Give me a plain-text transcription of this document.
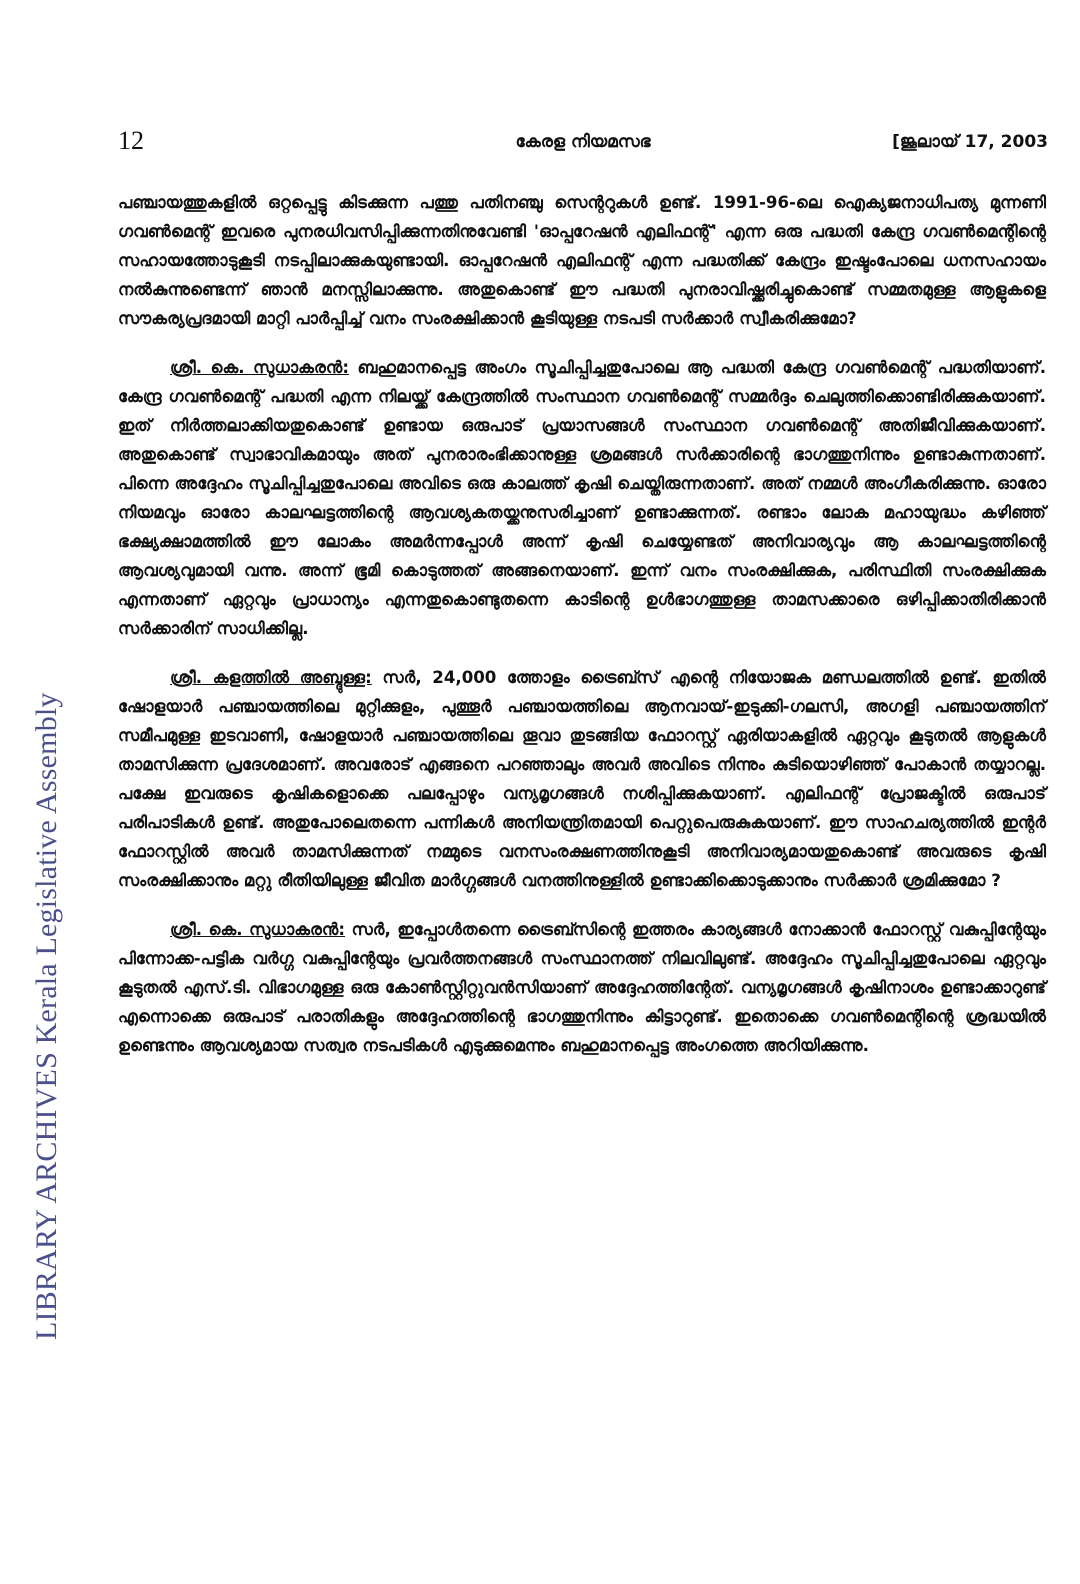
LIBRARY ARCHIVES Kerala Legislative Assembly
12	കേരള നിയമസഭ	[ജൂലായ് 17, 2003

പഞ്ചായത്തുകളിൽ ഒറ്റപ്പെട്ടു കിടക്കുന്ന പത്തു പതിനഞ്ചു സെന്ററുകൾ ഉണ്ട്. 1991-96-ലെ ഐക്യജനാധിപത്യ മുന്നണി ഗവൺമെന്റ് ഇവരെ പുനരധിവസിപ്പിക്കുന്നതിനുവേണ്ടി 'ഓപ്പറേഷൻ എലിഫന്റ്' എന്ന ഒരു പദ്ധതി കേന്ദ്ര ഗവൺമെന്റിന്റെ സഹായത്തോടുകൂടി നടപ്പിലാക്കുകയുണ്ടായി. ഓപ്പറേഷൻ എലിഫന്റ് എന്ന പദ്ധതിക്ക് കേന്ദ്രം ഇഷ്ടംപോലെ ധനസഹായം നൽകുന്നുണ്ടെന്ന് ഞാൻ മനസ്സിലാക്കുന്നു. അതുകൊണ്ട് ഈ പദ്ധതി പുനരാവിഷ്ക്കരിച്ചുകൊണ്ട് സമ്മതമുള്ള ആളുകളെ സൗകര്യപ്രദമായി മാറ്റി പാർപ്പിച്ച് വനം സംരക്ഷിക്കാൻ കൂടിയുള്ള നടപടി സർക്കാർ സ്വീകരിക്കുമോ?

ശ്രീ. കെ. സുധാകരൻ: ബഹുമാനപ്പെട്ട അംഗം സൂചിപ്പിച്ചതുപോലെ ആ പദ്ധതി കേന്ദ്ര ഗവൺമെന്റ് പദ്ധതിയാണ്. കേന്ദ്ര ഗവൺമെന്റ് പദ്ധതി എന്ന നിലയ്ക്ക് കേന്ദ്രത്തിൽ സംസ്ഥാന ഗവൺമെന്റ് സമ്മർദ്ദം ചെലുത്തിക്കൊണ്ടിരിക്കുകയാണ്. ഇത് നിർത്തലാക്കിയതുകൊണ്ട് ഉണ്ടായ ഒരുപാട് പ്രയാസങ്ങൾ സംസ്ഥാന ഗവൺമെന്റ് അതിജീവിക്കുകയാണ്. അതുകൊണ്ട് സ്വാഭാവികമായും അത് പുനരാരംഭിക്കാനുള്ള ശ്രമങ്ങൾ സർക്കാരിന്റെ ഭാഗത്തുനിന്നും ഉണ്ടാകുന്നതാണ്. പിന്നെ അദ്ദേഹം സൂചിപ്പിച്ചതുപോലെ അവിടെ ഒരു കാലത്ത് കൃഷി ചെയ്തിരുന്നതാണ്. അത് നമ്മൾ അംഗീകരിക്കുന്നു. ഓരോ നിയമവും ഓരോ കാലഘട്ടത്തിന്റെ ആവശ്യകതയ്ക്കനുസരിച്ചാണ് ഉണ്ടാക്കുന്നത്. രണ്ടാം ലോക മഹായുദ്ധം കഴിഞ്ഞ് ഭക്ഷ്യക്ഷാമത്തിൽ ഈ ലോകം അമർന്നപ്പോൾ അന്ന് കൃഷി ചെയ്യേണ്ടത് അനിവാര്യവും ആ കാലഘട്ടത്തിന്റെ ആവശ്യവുമായി വന്നു. അന്ന് ഭൂമി കൊടുത്തത് അങ്ങനെയാണ്. ഇന്ന് വനം സംരക്ഷിക്കുക, പരിസ്ഥിതി സംരക്ഷിക്കുക എന്നതാണ് ഏറ്റവും പ്രാധാന്യം എന്നതുകൊണ്ടുതന്നെ കാടിന്റെ ഉൾഭാഗത്തുള്ള താമസക്കാരെ ഒഴിപ്പിക്കാതിരിക്കാൻ സർക്കാരിന് സാധിക്കില്ല.

ശ്രീ. കളത്തിൽ അബ്ദുള്ള: സർ, 24,000 ത്തോളം ട്രൈബ്സ് എന്റെ നിയോജക മണ്ഡലത്തിൽ ഉണ്ട്. ഇതിൽ ഷോളയാർ പഞ്ചായത്തിലെ മുറ്റിക്കുളം, പുത്തൂർ പഞ്ചായത്തിലെ ആനവായ്-ഇടുക്കി-ഗലസി, അഗളി പഞ്ചായത്തിന് സമീപമുള്ള ഇടവാണി, ഷോളയാർ പഞ്ചായത്തിലെ തൂവാ തുടങ്ങിയ ഫോറസ്റ്റ് ഏരിയാകളിൽ ഏറ്റവും കൂടുതൽ ആളുകൾ താമസിക്കുന്ന പ്രദേശമാണ്. അവരോട് എങ്ങനെ പറഞ്ഞാലും അവർ അവിടെ നിന്നും കുടിയൊഴിഞ്ഞ് പോകാൻ തയ്യാറല്ല. പക്ഷേ ഇവരുടെ കൃഷികളൊക്കെ പലപ്പോഴും വന്യമൃഗങ്ങൾ നശിപ്പിക്കുകയാണ്. എലിഫന്റ് പ്രോജക്ടിൽ ഒരുപാട് പരിപാടികൾ ഉണ്ട്. അതുപോലെതന്നെ പന്നികൾ അനിയന്ത്രിതമായി പെറ്റുപെരുകുകയാണ്. ഈ സാഹചര്യത്തിൽ ഇന്റർ ഫോറസ്റ്റിൽ അവർ താമസിക്കുന്നത് നമ്മുടെ വനസംരക്ഷണത്തിനുകൂടി അനിവാര്യമായതുകൊണ്ട് അവരുടെ കൃഷി സംരക്ഷിക്കാനും മറ്റു രീതിയിലുള്ള ജീവിത മാർഗ്ഗങ്ങൾ വനത്തിനുള്ളിൽ ഉണ്ടാക്കിക്കൊടുക്കാനും സർക്കാർ ശ്രമിക്കുമോ ?

ശ്രീ. കെ. സുധാകരൻ: സർ, ഇപ്പോൾതന്നെ ട്രൈബ്സിന്റെ ഇത്തരം കാര്യങ്ങൾ നോക്കാൻ ഫോറസ്റ്റ് വകുപ്പിന്റേയും പിന്നോക്ക-പട്ടിക വർഗ്ഗ വകുപ്പിന്റേയും പ്രവർത്തനങ്ങൾ സംസ്ഥാനത്ത് നിലവിലുണ്ട്. അദ്ദേഹം സൂചിപ്പിച്ചതുപോലെ ഏറ്റവും കൂടുതൽ എസ്.ടി. വിഭാഗമുള്ള ഒരു കോൺസ്റ്റിറ്റുവൻസിയാണ് അദ്ദേഹത്തിന്റേത്. വന്യമൃഗങ്ങൾ കൃഷിനാശം ഉണ്ടാക്കാറുണ്ട് എന്നൊക്കെ ഒരുപാട് പരാതികളും അദ്ദേഹത്തിന്റെ ഭാഗത്തുനിന്നും കിട്ടാറുണ്ട്. ഇതൊക്കെ ഗവൺമെന്റിന്റെ ശ്രദ്ധയിൽ ഉണ്ടെന്നും ആവശ്യമായ സത്വര നടപടികൾ എടുക്കുമെന്നും ബഹുമാനപ്പെട്ട അംഗത്തെ അറിയിക്കുന്നു.
